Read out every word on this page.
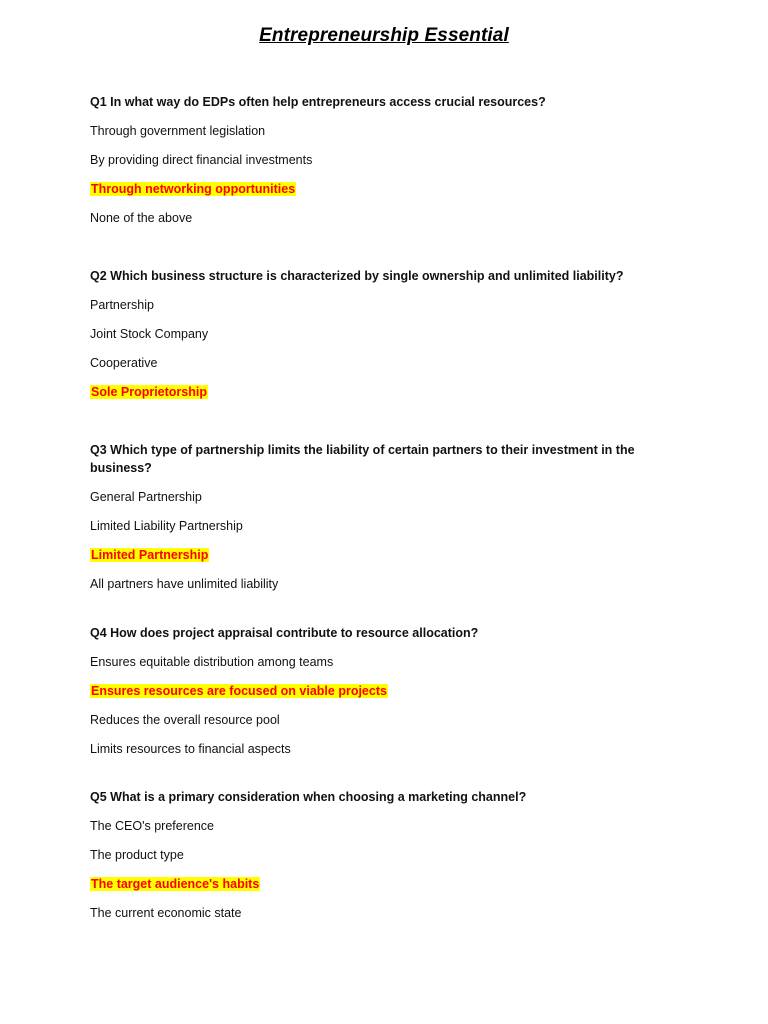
Entrepreneurship Essential
Q1 In what way do EDPs often help entrepreneurs access crucial resources?
Through government legislation
By providing direct financial investments
Through networking opportunities
None of the above
Q2 Which business structure is characterized by single ownership and unlimited liability?
Partnership
Joint Stock Company
Cooperative
Sole Proprietorship
Q3 Which type of partnership limits the liability of certain partners to their investment in the business?
General Partnership
Limited Liability Partnership
Limited Partnership
All partners have unlimited liability
Q4 How does project appraisal contribute to resource allocation?
Ensures equitable distribution among teams
Ensures resources are focused on viable projects
Reduces the overall resource pool
Limits resources to financial aspects
Q5 What is a primary consideration when choosing a marketing channel?
The CEO's preference
The product type
The target audience's habits
The current economic state
